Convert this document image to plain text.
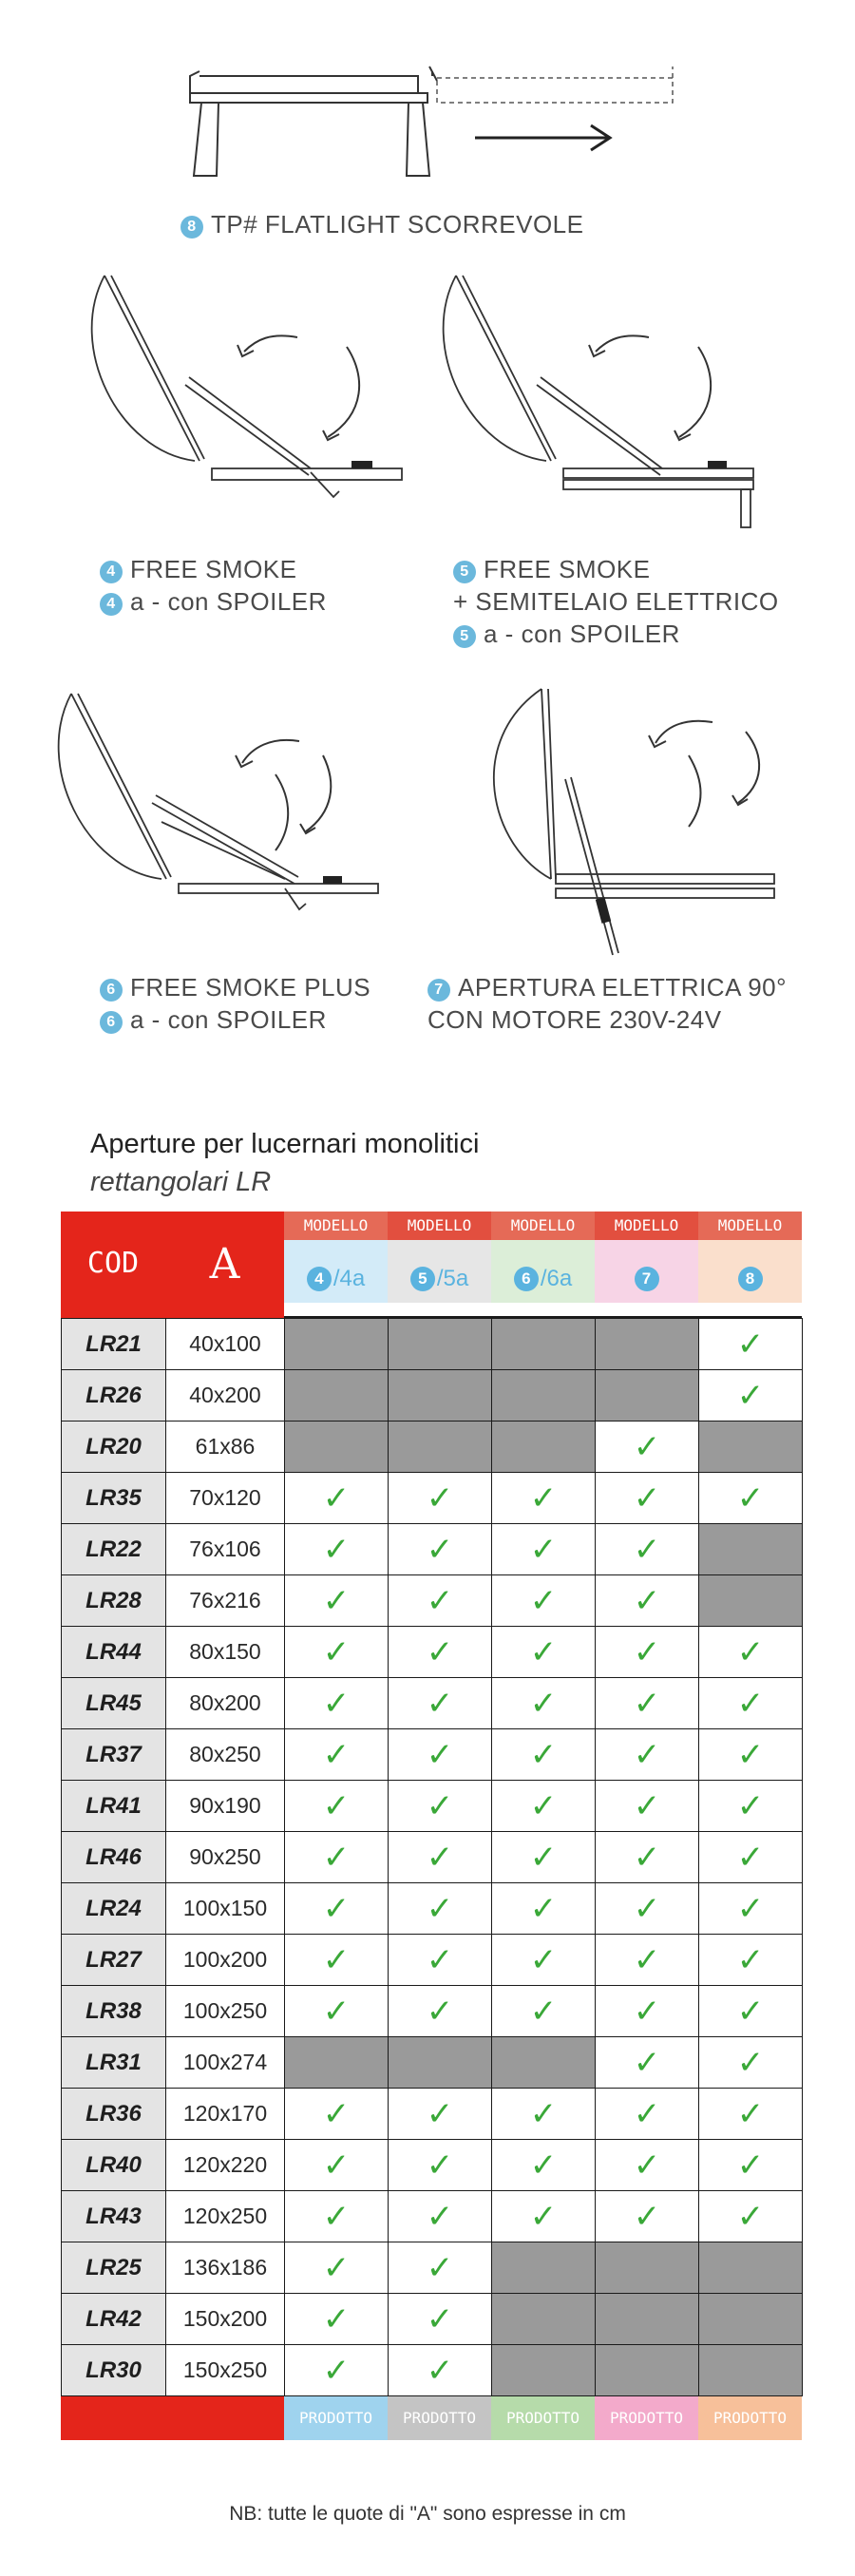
8 TP# FLATLIGHT SCORREVOLE
4 FREE SMOKE
4 a - con SPOILER
5 FREE SMOKE
+ SEMITELAIO ELETTRICO
5 a - con SPOILER
6 FREE SMOKE PLUS
6 a - con SPOILER
7 APERTURA ELETTRICA 90°
CON MOTORE 230V-24V
Aperture per lucernari monolitici
rettangolari LR
COD	A
MODELLO	MODELLO	MODELLO	MODELLO	MODELLO
4 /4a	5 /5a	6 /6a	7	8
LR21	40x100					✓
LR26	40x200					✓
LR20	61x86				✓	
LR35	70x120	✓	✓	✓	✓	✓
LR22	76x106	✓	✓	✓	✓	
LR28	76x216	✓	✓	✓	✓	
LR44	80x150	✓	✓	✓	✓	✓
LR45	80x200	✓	✓	✓	✓	✓
LR37	80x250	✓	✓	✓	✓	✓
LR41	90x190	✓	✓	✓	✓	✓
LR46	90x250	✓	✓	✓	✓	✓
LR24	100x150	✓	✓	✓	✓	✓
LR27	100x200	✓	✓	✓	✓	✓
LR38	100x250	✓	✓	✓	✓	✓
LR31	100x274				✓	✓
LR36	120x170	✓	✓	✓	✓	✓
LR40	120x220	✓	✓	✓	✓	✓
LR43	120x250	✓	✓	✓	✓	✓
LR25	136x186	✓	✓			
LR42	150x200	✓	✓			
LR30	150x250	✓	✓			
PRODOTTO	PRODOTTO	PRODOTTO	PRODOTTO	PRODOTTO
NB: tutte le quote di "A" sono espresse in cm
